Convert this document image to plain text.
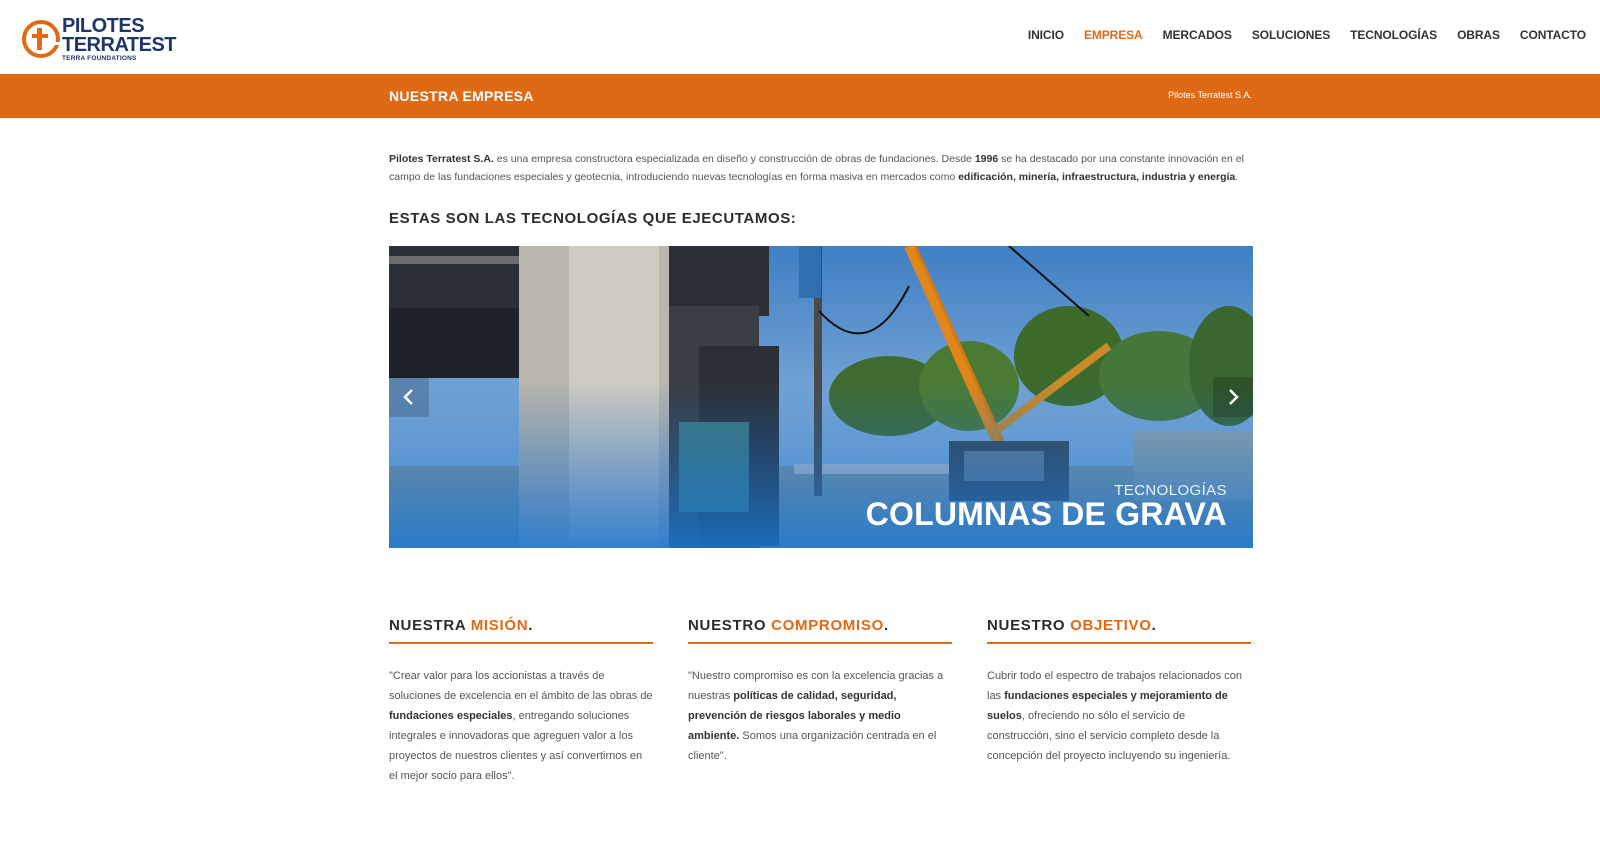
PILOTES
TERRATEST
TERRA FOUNDATIONS
INICIO EMPRESA MERCADOS SOLUCIONES TECNOLOGÍAS OBRAS CONTACTO
NUESTRA EMPRESA	Pilotes Terratest S.A.

Pilotes Terratest S.A. es una empresa constructora especializada en diseño y construcción de obras de fundaciones. Desde 1996 se ha destacado por una constante innovación en el campo de las fundaciones especiales y geotecnia, introduciendo nuevas tecnologías en forma masiva en mercados como edificación, minería, infraestructura, industria y energía.

ESTAS SON LAS TECNOLOGÍAS QUE EJECUTAMOS:
TECNOLOGÍAS
COLUMNAS DE GRAVA
NUESTRA MISIÓN.

"Crear valor para los accionistas a través de soluciones de excelencia en el ámbito de las obras de fundaciones especiales, entregando soluciones integrales e innovadoras que agreguen valor a los proyectos de nuestros clientes y así convertirnos en el mejor socio para ellos".

NUESTRO COMPROMISO.

"Nuestro compromiso es con la excelencia gracias a nuestras políticas de calidad, seguridad, prevención de riesgos laborales y medio ambiente. Somos una organización centrada en el cliente".

NUESTRO OBJETIVO.

Cubrir todo el espectro de trabajos relacionados con las fundaciones especiales y mejoramiento de suelos, ofreciendo no sólo el servicio de construcción, sino el servicio completo desde la concepción del proyecto incluyendo su ingeniería.
